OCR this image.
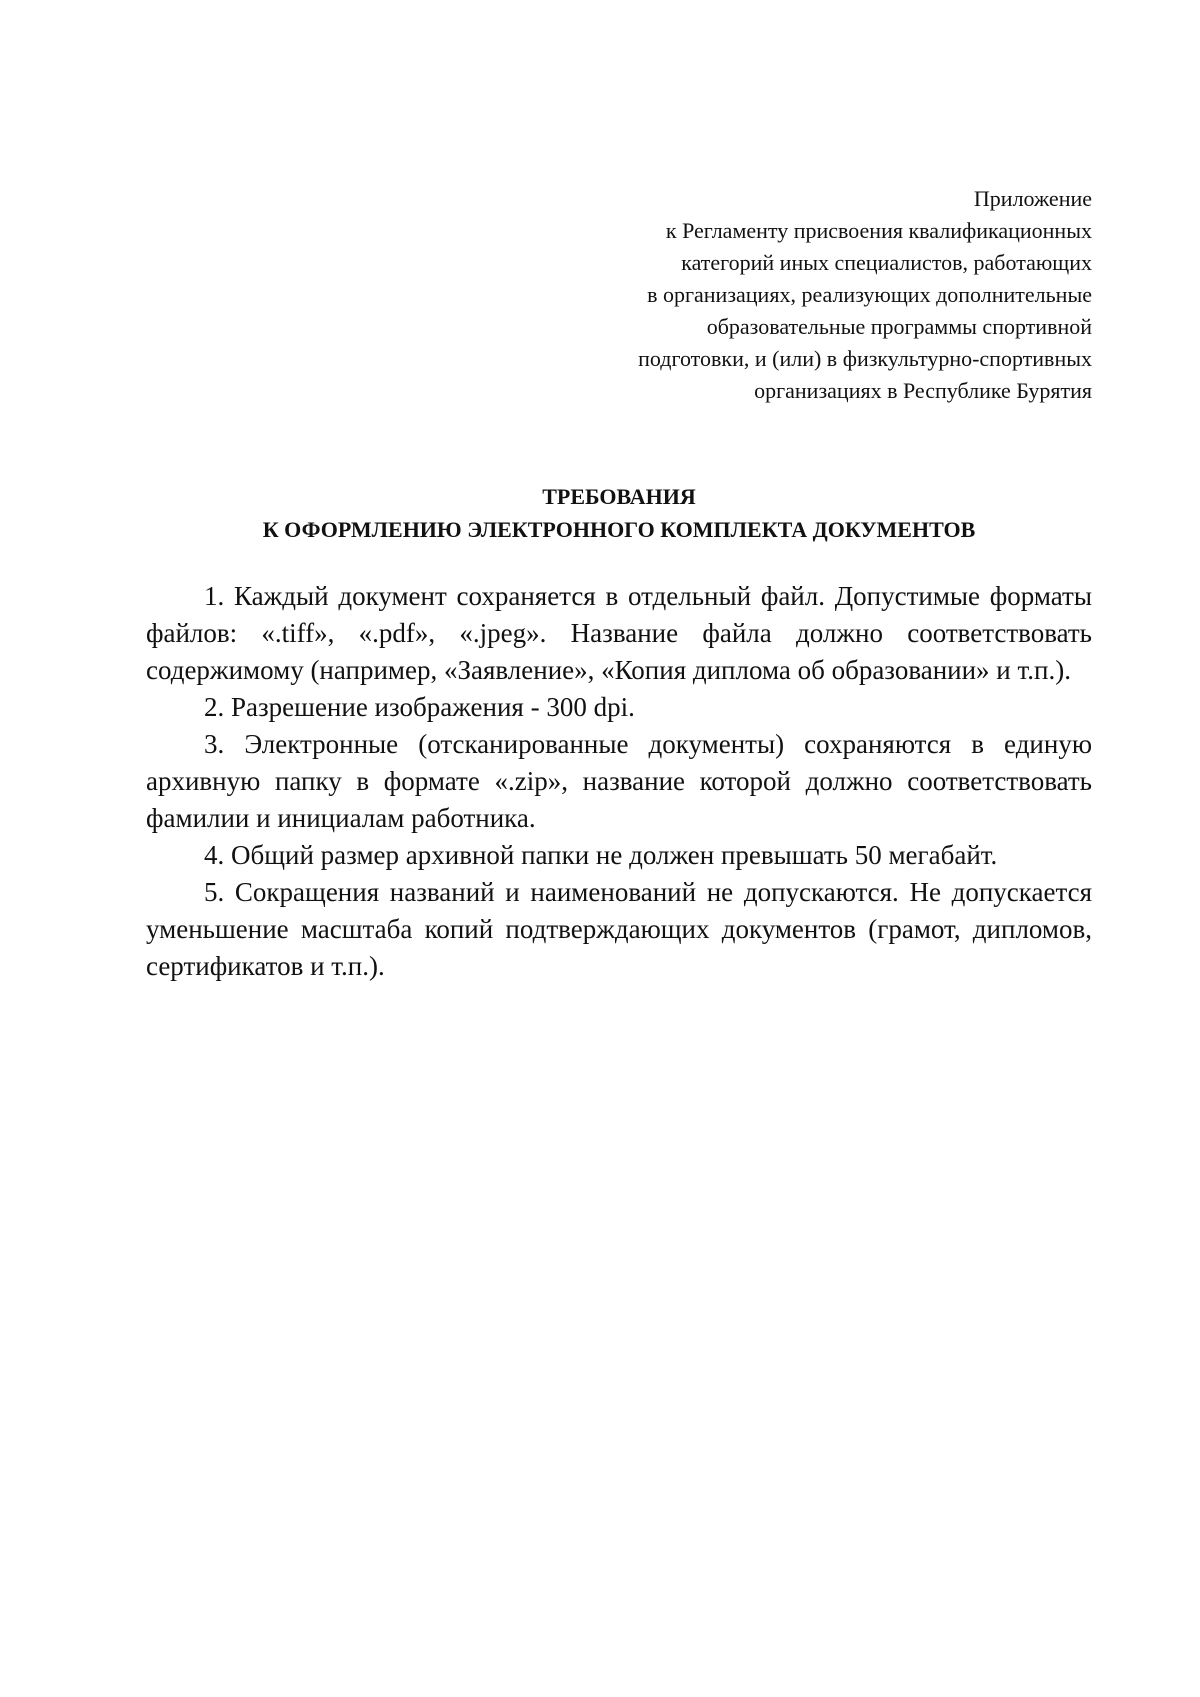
Приложение
к Регламенту присвоения квалификационных
категорий иных специалистов, работающих
в организациях, реализующих дополнительные
образовательные программы спортивной
подготовки, и (или) в физкультурно-спортивных
организациях в Республике Бурятия
ТРЕБОВАНИЯ
К ОФОРМЛЕНИЮ ЭЛЕКТРОННОГО КОМПЛЕКТА ДОКУМЕНТОВ

1. Каждый документ сохраняется в отдельный файл. Допустимые форматы файлов: «.tiff», «.pdf», «.jpeg». Название файла должно соответствовать содержимому (например, «Заявление», «Копия диплома об образовании» и т.п.).

2. Разрешение изображения - 300 dpi.

3. Электронные (отсканированные документы) сохраняются в единую архивную папку в формате «.zip», название которой должно соответствовать фамилии и инициалам работника.

4. Общий размер архивной папки не должен превышать 50 мегабайт.

5. Сокращения названий и наименований не допускаются. Не допускается уменьшение масштаба копий подтверждающих документов (грамот, дипломов, сертификатов и т.п.).
